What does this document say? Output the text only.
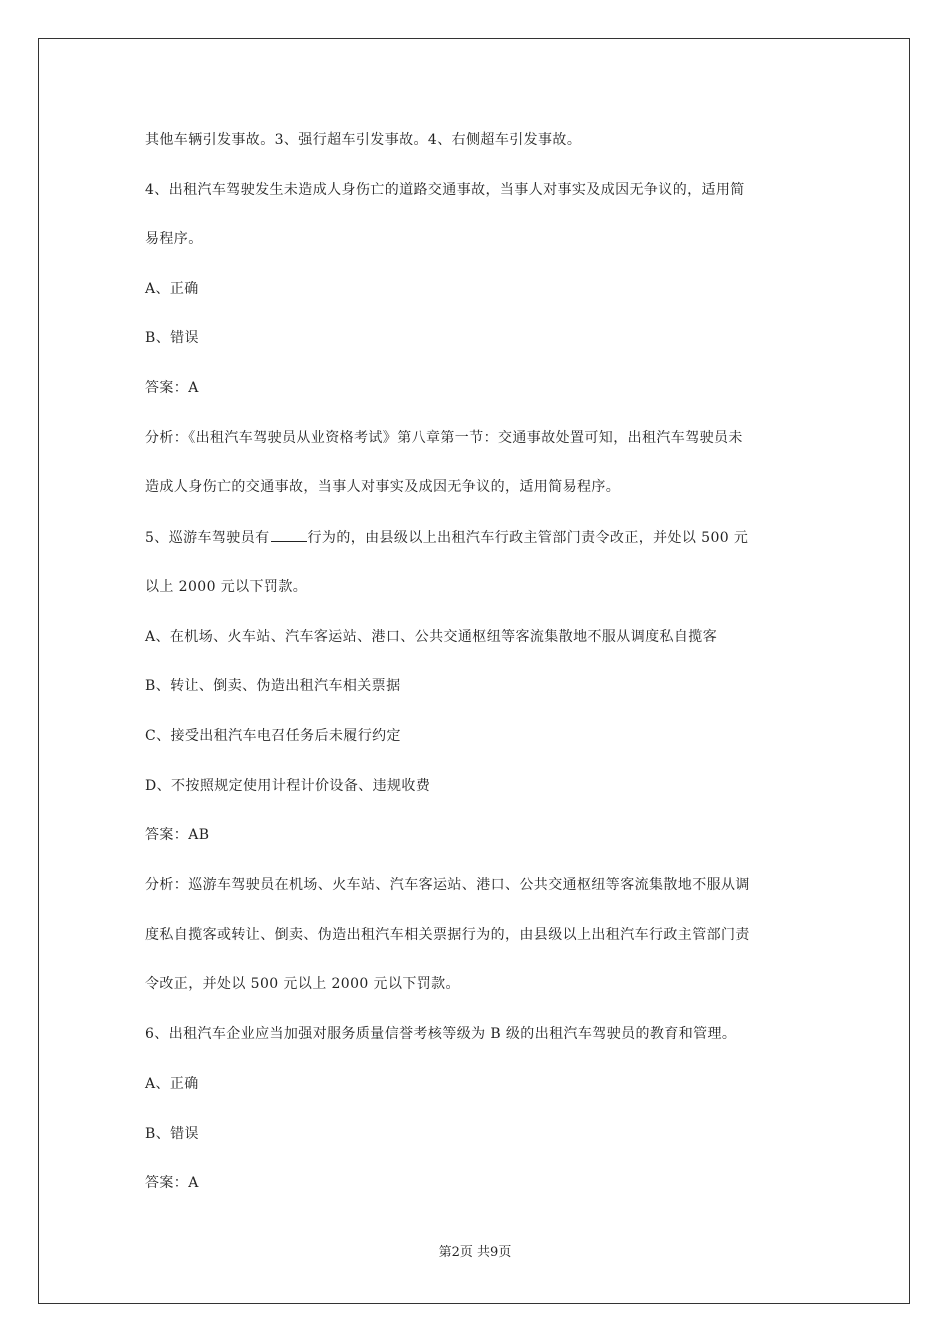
其他车辆引发事故。3、强行超车引发事故。4、右侧超车引发事故。
4、出租汽车驾驶发生未造成人身伤亡的道路交通事故，当事人对事实及成因无争议的，适用简
易程序。
A、正确
B、错误
答案：A
分析：《出租汽车驾驶员从业资格考试》第八章第一节：交通事故处置可知，出租汽车驾驶员未
造成人身伤亡的交通事故，当事人对事实及成因无争议的，适用简易程序。
5、巡游车驾驶员有	行为的，由县级以上出租汽车行政主管部门责令改正，并处以 500 元
以上 2000 元以下罚款。
A、在机场、火车站、汽车客运站、港口、公共交通枢纽等客流集散地不服从调度私自揽客
B、转让、倒卖、伪造出租汽车相关票据
C、接受出租汽车电召任务后未履行约定
D、不按照规定使用计程计价设备、违规收费
答案：AB
分析：巡游车驾驶员在机场、火车站、汽车客运站、港口、公共交通枢纽等客流集散地不服从调
度私自揽客或转让、倒卖、伪造出租汽车相关票据行为的，由县级以上出租汽车行政主管部门责
令改正，并处以 500 元以上 2000 元以下罚款。
6、出租汽车企业应当加强对服务质量信誉考核等级为 B 级的出租汽车驾驶员的教育和管理。
A、正确
B、错误
答案：A
第2页 共9页
